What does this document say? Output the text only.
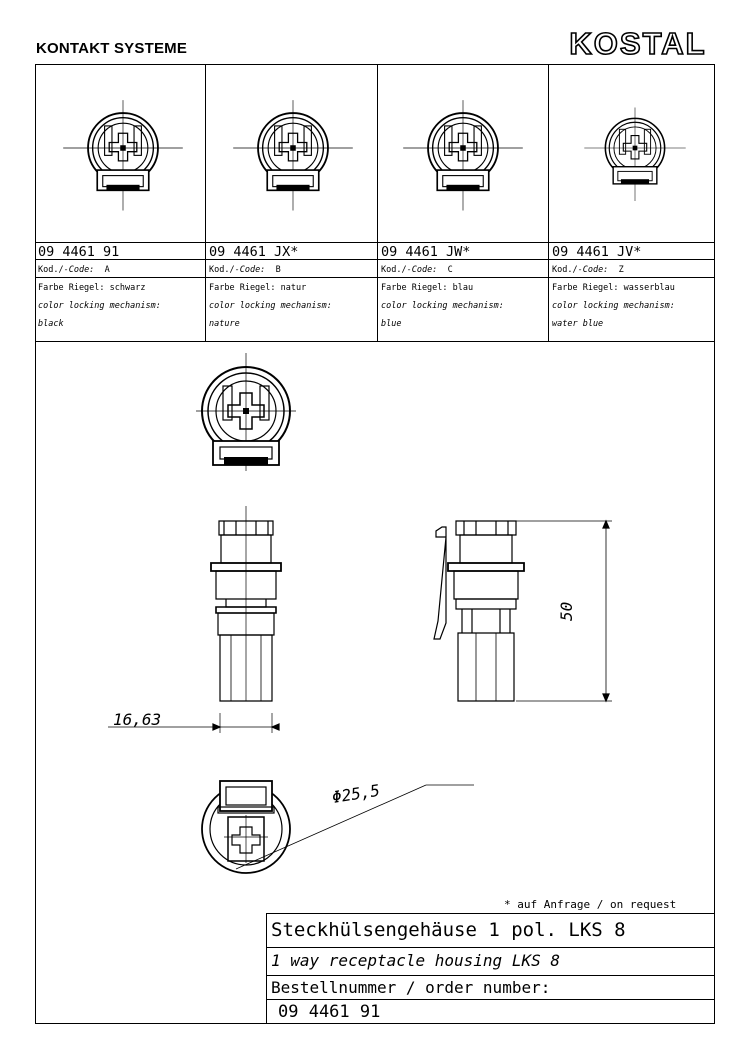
KONTAKT SYSTEME	KOSTAL
09 4461 91	09 4461 JX*	09 4461 JW*	09 4461 JV*
Kod./-Code: A	Kod./-Code: B	Kod./-Code: C	Kod./-Code: Z
Farbe Riegel: schwarz	Farbe Riegel: natur	Farbe Riegel: blau	Farbe Riegel: wasserblau
color locking mechanism:	color locking mechanism:	color locking mechanism:	color locking mechanism:
black	nature	blue	water blue
16,63
50
Φ25,5
* auf Anfrage / on request
Steckhülsengehäuse 1 pol. LKS 8
1 way receptacle housing LKS 8
Bestellnummer / order number:
09 4461 91
